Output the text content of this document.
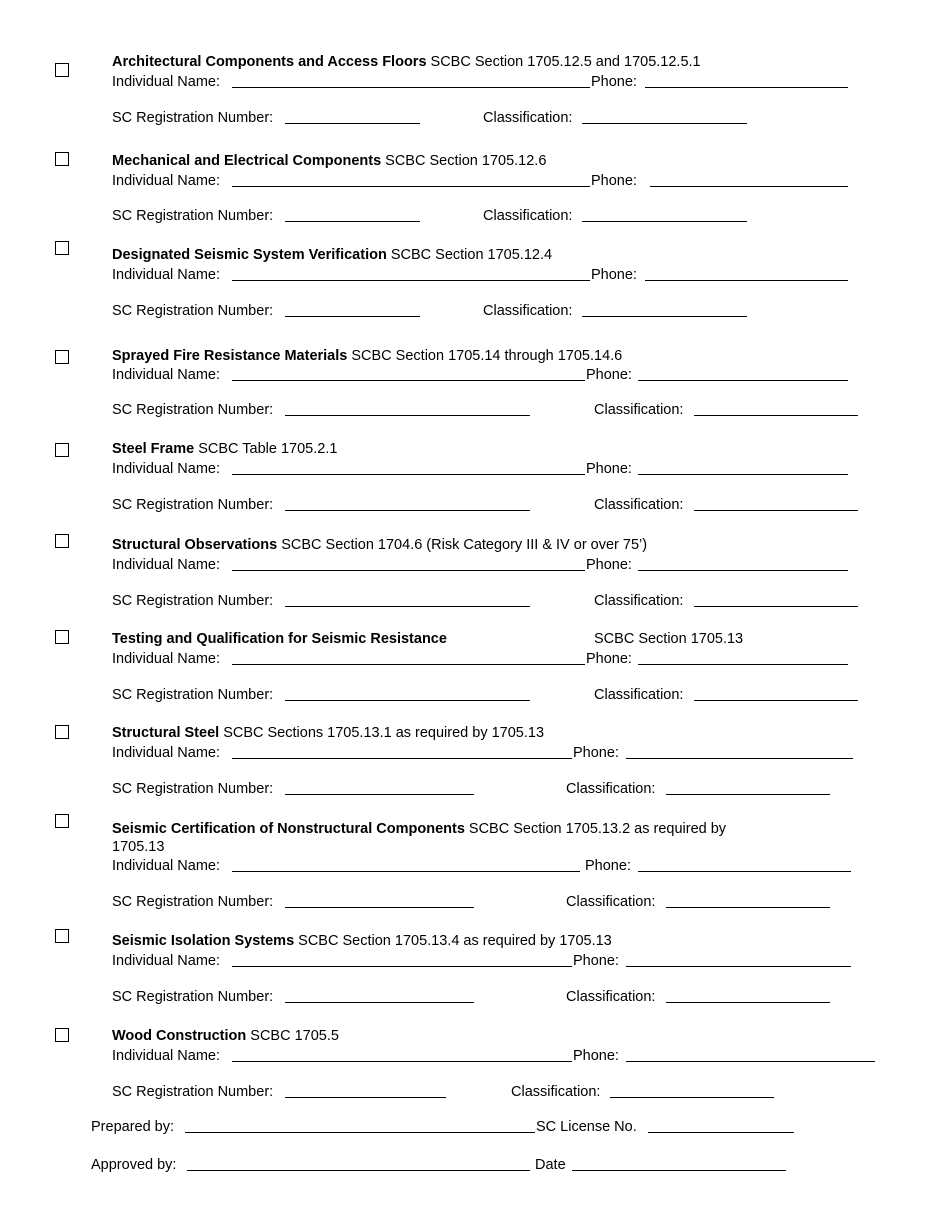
Architectural Components and Access Floors SCBC Section 1705.12.5 and 1705.12.5.1
Individual Name:	Phone:
SC Registration Number:	Classification:
Mechanical and Electrical Components SCBC Section 1705.12.6
Individual Name:	Phone:
SC Registration Number:	Classification:
Designated Seismic System Verification SCBC Section 1705.12.4
Individual Name:	Phone:
SC Registration Number:	Classification:
Sprayed Fire Resistance Materials SCBC Section 1705.14 through 1705.14.6
Individual Name:	Phone:
SC Registration Number:	Classification:
Steel Frame SCBC Table 1705.2.1
Individual Name:	Phone:
SC Registration Number:	Classification:
Structural Observations SCBC Section 1704.6 (Risk Category III & IV or over 75’)
Individual Name:	Phone:
SC Registration Number:	Classification:
Testing and Qualification for Seismic Resistance	SCBC Section 1705.13
Individual Name:	Phone:
SC Registration Number:	Classification:
Structural Steel SCBC Sections 1705.13.1 as required by 1705.13
Individual Name:	Phone:
SC Registration Number:	Classification:
Seismic Certification of Nonstructural Components SCBC Section 1705.13.2 as required by
1705.13
Individual Name:	Phone:
SC Registration Number:	Classification:
Seismic Isolation Systems SCBC Section 1705.13.4 as required by 1705.13
Individual Name:	Phone:
SC Registration Number:	Classification:
Wood Construction SCBC 1705.5
Individual Name:	Phone:
SC Registration Number:	Classification:
Prepared by:	SC License No.
Approved by:	Date
